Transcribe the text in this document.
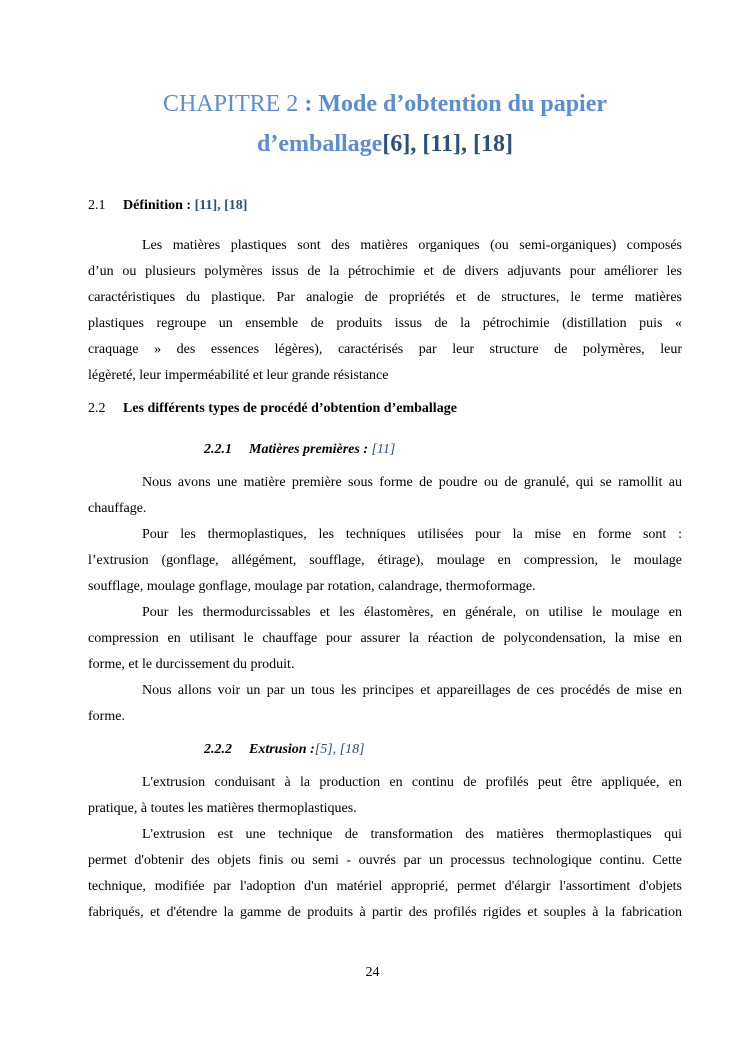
CHAPITRE 2 : Mode d’obtention du papier
d’emballage[6], [11], [18]
2.1 Définition : [11], [18]
Les matières plastiques sont des matières organiques (ou semi-organiques) composés
d’un ou plusieurs polymères issus de la pétrochimie et de divers adjuvants pour améliorer les
caractéristiques du plastique. Par analogie de propriétés et de structures, le terme matières
plastiques regroupe un ensemble de produits issus de la pétrochimie (distillation puis «
craquage » des essences légères), caractérisés par leur structure de polymères, leur
légèreté, leur imperméabilité et leur grande résistance
2.2 Les différents types de procédé d’obtention d’emballage
2.2.1 Matières premières : [11]
Nous avons une matière première sous forme de poudre ou de granulé, qui se ramollit au
chauffage.
Pour les thermoplastiques, les techniques utilisées pour la mise en forme sont :
l’extrusion (gonflage, allégément, soufflage, étirage), moulage en compression, le moulage
soufflage, moulage gonflage, moulage par rotation, calandrage, thermoformage.
Pour les thermodurcissables et les élastomères, en générale, on utilise le moulage en
compression en utilisant le chauffage pour assurer la réaction de polycondensation, la mise en
forme, et le durcissement du produit.
Nous allons voir un par un tous les principes et appareillages de ces procédés de mise en
forme.
2.2.2 Extrusion :[5], [18]
L'extrusion conduisant à la production en continu de profilés peut être appliquée, en
pratique, à toutes les matières thermoplastiques.
L'extrusion est une technique de transformation des matières thermoplastiques qui
permet d'obtenir des objets finis ou semi - ouvrés par un processus technologique continu. Cette
technique, modifiée par l'adoption d'un matériel approprié, permet d'élargir l'assortiment d'objets
fabriqués, et d'étendre la gamme de produits à partir des profilés rigides et souples à la fabrication
24
